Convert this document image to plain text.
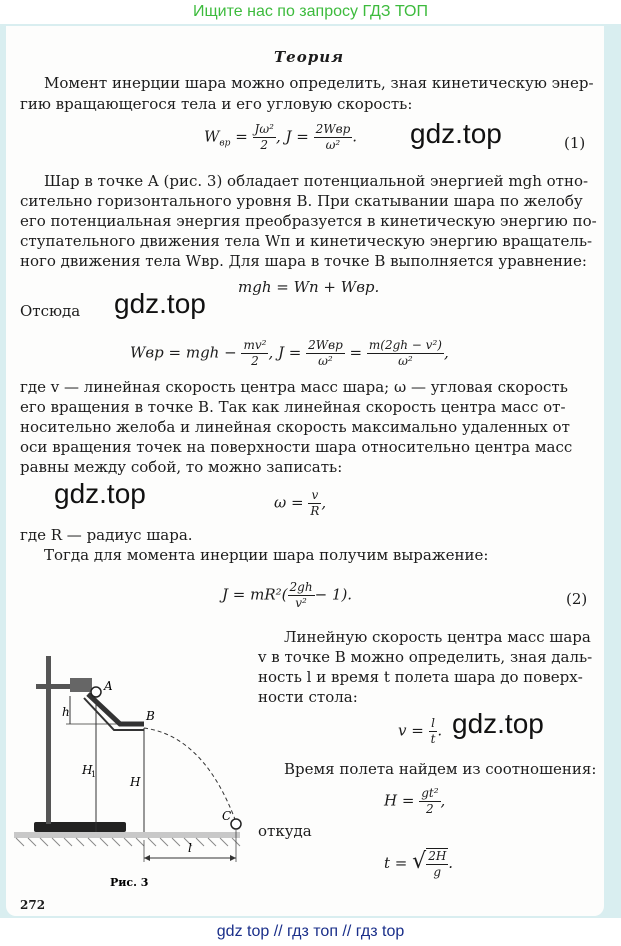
Ищите нас по запросу ГДЗ ТОП
Теория
Момент инерции шара можно определить, зная кинетическую энер-
гию вращающегося тела и его угловую скорость:
$W_{вр} = \frac{\text{Jω²}}{2}$ , J = 2Wвр
ω² . gdz.top	(1)
Шар в точке A (рис. 3) обладает потенциальной энергией mgh отно-
сительно горизонтального уровня B. При скатывании шара по желобу
его потенциальная энергия преобразуется в кинетическую энергию по-
ступательного движения тела Wп и кинетическую энергию вращатель-
ного движения тела Wвр. Для шара в точке B выполняется уравнение:
mgh = Wп + Wвр.
Отсюда gdz.top
Wвр = mgh − $\frac{\text{mv²}}{2}$ , J = 2Wвр
ω²	= $\frac{\text{m(2gh − v²)}}{\text{ω²}}$ ,
где v — линейная скорость центра масс шара; ω — угловая скорость
его вращения в точке B. Так как линейная скорость центра масс от-
носительно желоба и линейная скорость максимально удаленных от
оси вращения точек на поверхности шара относительно центра масс
равны между собой, то можно записать:
gdz.top	$\omega = \frac{v}{R}$ ,
где R — радиус шара.
Тогда для момента инерции шара получим выражение:
$J = mR^2( \frac{2gh}{\text{v²}} - 1)$.	(2)
Линейную скорость центра масс шара
v в точке B можно определить, зная даль-
ность l и время t полета шара до поверх-
ности стола:
$v = \frac{l}{t}$ . gdz.top
Время полета найдем из соотношения:
$H = \frac{\text{gt²}}{2}$ ,
откуда
t = √ $\frac{2H}{g}$ .
A
B
C
h
H
1
H
l
Рис. 3
272
gdz top // гдз топ // гдз top
